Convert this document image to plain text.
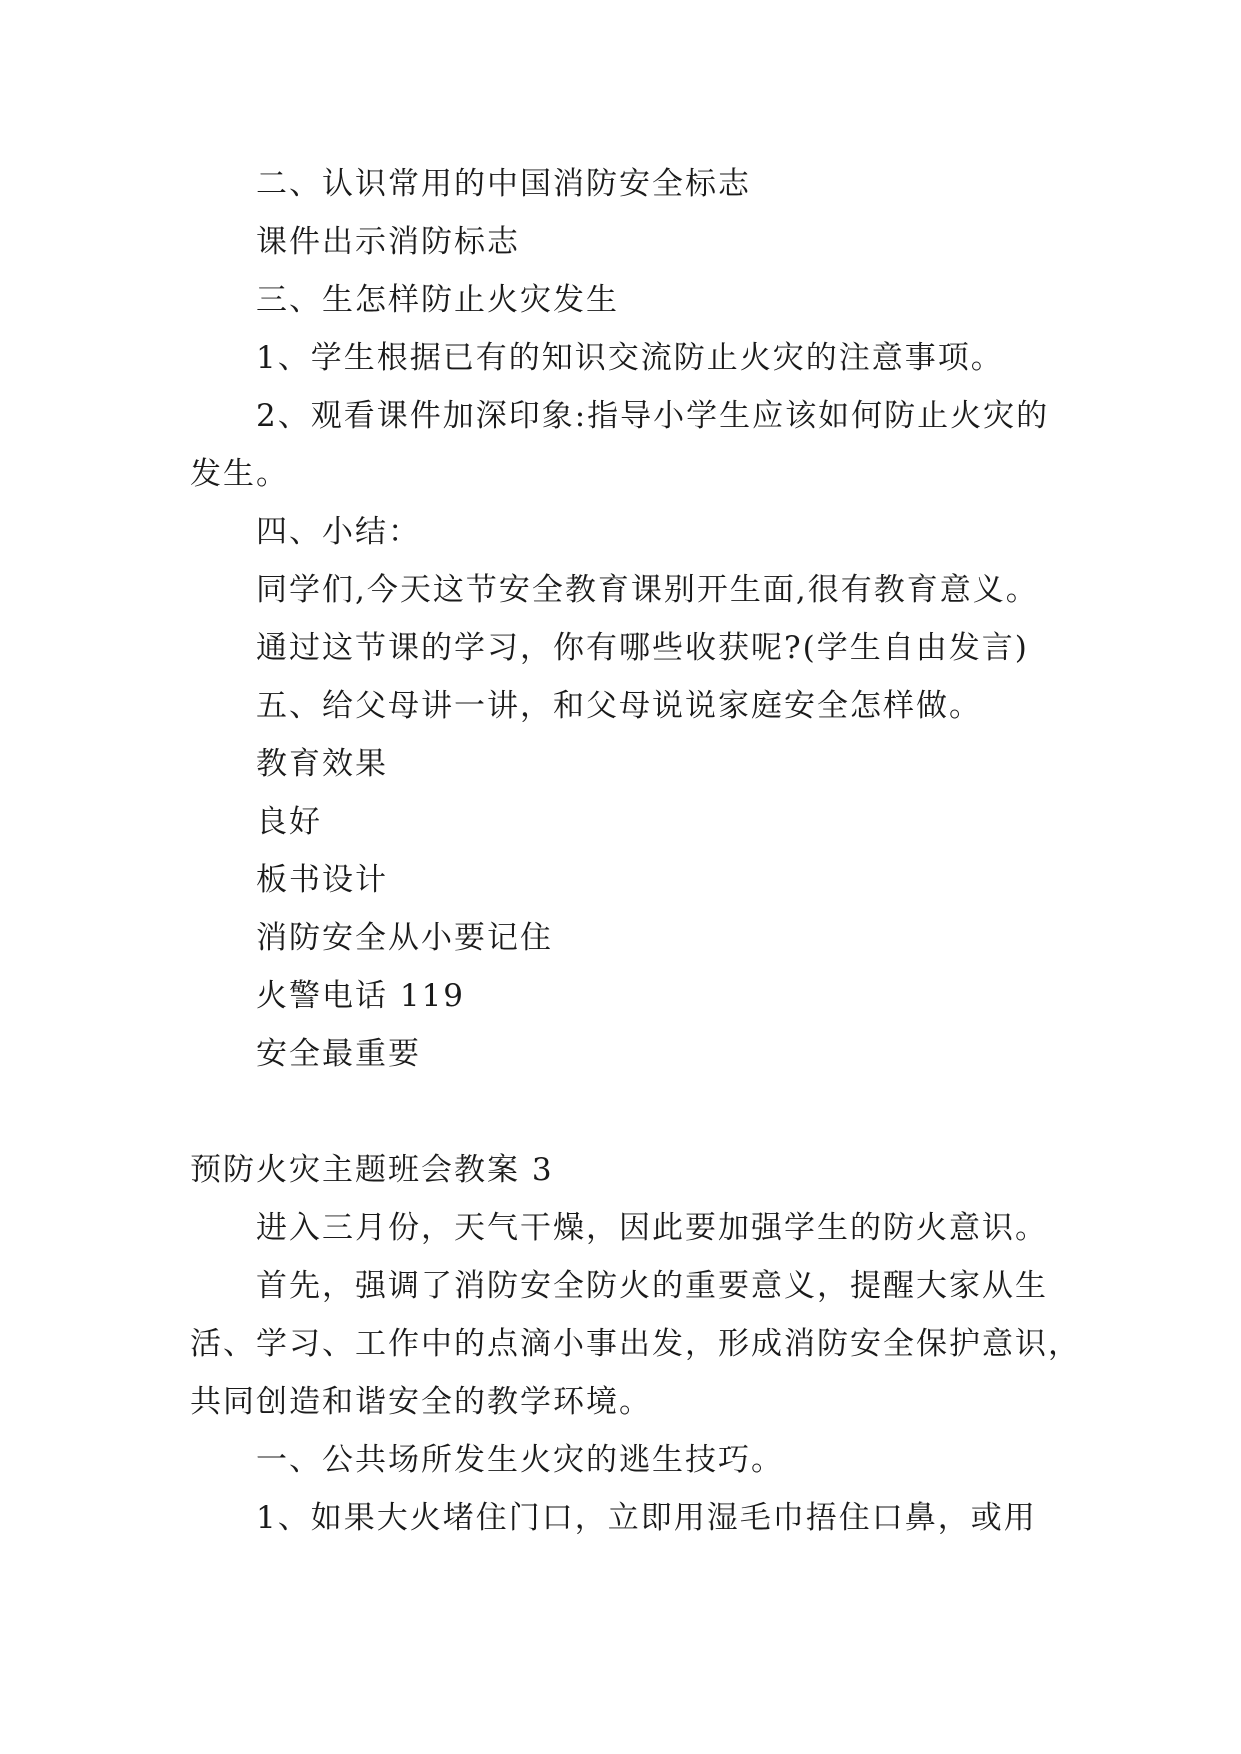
二、认识常用的中国消防安全标志
课件出示消防标志
三、生怎样防止火灾发生
1、学生根据已有的知识交流防止火灾的注意事项。
2、观看课件加深印象:指导小学生应该如何防止火灾的
发生。
四、小结：
同学们,今天这节安全教育课别开生面,很有教育意义。
通过这节课的学习，你有哪些收获呢?(学生自由发言)
五、给父母讲一讲，和父母说说家庭安全怎样做。
教育效果
良好
板书设计
消防安全从小要记住
火警电话 119
安全最重要
预防火灾主题班会教案 3
进入三月份，天气干燥，因此要加强学生的防火意识。
首先，强调了消防安全防火的重要意义，提醒大家从生
活、学习、工作中的点滴小事出发，形成消防安全保护意识，
共同创造和谐安全的教学环境。
一、公共场所发生火灾的逃生技巧。
1、如果大火堵住门口，立即用湿毛巾捂住口鼻，或用
